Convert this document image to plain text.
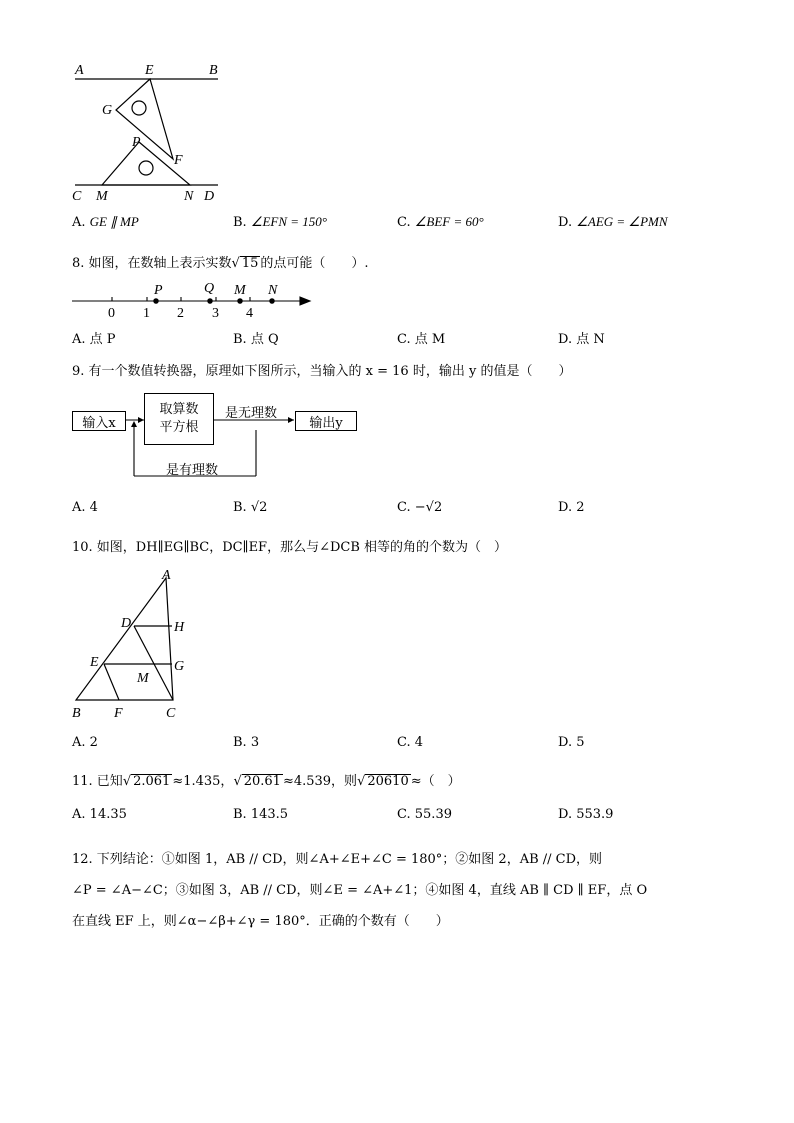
A	E	B
G
P
F
C M	N D
A. GE ∥ MP	B. ∠EFN = 150°	C. ∠BEF = 60°	D. ∠AEG = ∠PMN
8. 如图，在数轴上表示实数√ 15 的点可能（　　）.
0 1 2 3 4
P	Q M N
A. 点 P	B. 点 Q	C. 点 M	D. 点 N
9. 有一个数值转换器，原理如下图所示，当输入的 x = 16 时，输出 y 的值是（　　）
输入x
取算数
平方根
是无理数
输出y
是有理数
A. 4	B. √2	C. −√2	D. 2
10. 如图，DH∥EG∥BC，DC∥EF，那么与∠DCB 相等的角的个数为（　）
A
D	H
E	G
M
B F	C
A. 2	B. 3	C. 4	D. 5
11. 已知√ 2.061 ≈1.435，√ 20.61 ≈4.539，则√ 20610 ≈（　）
A. 14.35	B. 143.5	C. 55.39	D. 553.9
12. 下列结论：①如图 1，AB // CD，则∠A+∠E+∠C = 180°；②如图 2，AB // CD，则
∠P = ∠A−∠C；③如图 3，AB // CD，则∠E = ∠A+∠1；④如图 4，直线 AB ∥ CD ∥ EF，点 O
在直线 EF 上，则∠α−∠β+∠γ = 180°．正确的个数有（　　）
